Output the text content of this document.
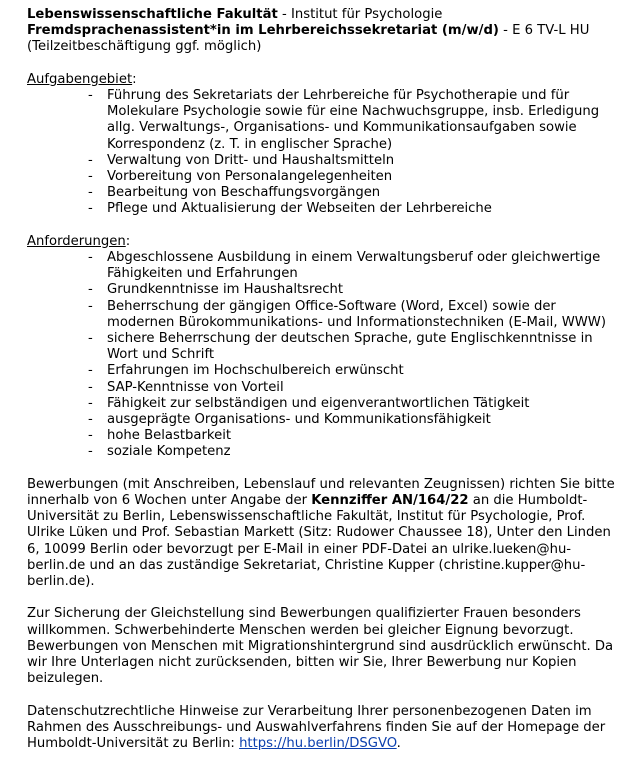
Lebenswissenschaftliche Fakultät - Institut für Psychologie
Fremdsprachenassistent*in im Lehrbereichssekretariat (m/w/d) - E 6 TV-L HU
(Teilzeitbeschäftigung ggf. möglich)
Aufgabengebiet:
- Führung des Sekretariats der Lehrbereiche für Psychotherapie und für
Molekulare Psychologie sowie für eine Nachwuchsgruppe, insb. Erledigung
allg. Verwaltungs-, Organisations- und Kommunikationsaufgaben sowie
Korrespondenz (z. T. in englischer Sprache)
- Verwaltung von Dritt- und Haushaltsmitteln
- Vorbereitung von Personalangelegenheiten
- Bearbeitung von Beschaffungsvorgängen
- Pflege und Aktualisierung der Webseiten der Lehrbereiche
Anforderungen:
- Abgeschlossene Ausbildung in einem Verwaltungsberuf oder gleichwertige
Fähigkeiten und Erfahrungen
- Grundkenntnisse im Haushaltsrecht
- Beherrschung der gängigen Office-Software (Word, Excel) sowie der
modernen Bürokommunikations- und Informationstechniken (E-Mail, WWW)
- sichere Beherrschung der deutschen Sprache, gute Englischkenntnisse in
Wort und Schrift
- Erfahrungen im Hochschulbereich erwünscht
- SAP-Kenntnisse von Vorteil
- Fähigkeit zur selbständigen und eigenverantwortlichen Tätigkeit
- ausgeprägte Organisations- und Kommunikationsfähigkeit
- hohe Belastbarkeit
- soziale Kompetenz
Bewerbungen (mit Anschreiben, Lebenslauf und relevanten Zeugnissen) richten Sie bitte
innerhalb von 6 Wochen unter Angabe der Kennziffer AN/164/22 an die Humboldt-
Universität zu Berlin, Lebenswissenschaftliche Fakultät, Institut für Psychologie, Prof.
Ulrike Lüken und Prof. Sebastian Markett (Sitz: Rudower Chaussee 18), Unter den Linden
6, 10099 Berlin oder bevorzugt per E-Mail in einer PDF-Datei an ulrike.lueken@hu-
berlin.de und an das zuständige Sekretariat, Christine Kupper (christine.kupper@hu-
berlin.de).
Zur Sicherung der Gleichstellung sind Bewerbungen qualifizierter Frauen besonders
willkommen. Schwerbehinderte Menschen werden bei gleicher Eignung bevorzugt.
Bewerbungen von Menschen mit Migrationshintergrund sind ausdrücklich erwünscht. Da
wir Ihre Unterlagen nicht zurücksenden, bitten wir Sie, Ihrer Bewerbung nur Kopien
beizulegen.
Datenschutzrechtliche Hinweise zur Verarbeitung Ihrer personenbezogenen Daten im
Rahmen des Ausschreibungs- und Auswahlverfahrens finden Sie auf der Homepage der
Humboldt-Universität zu Berlin: https://hu.berlin/DSGVO.
